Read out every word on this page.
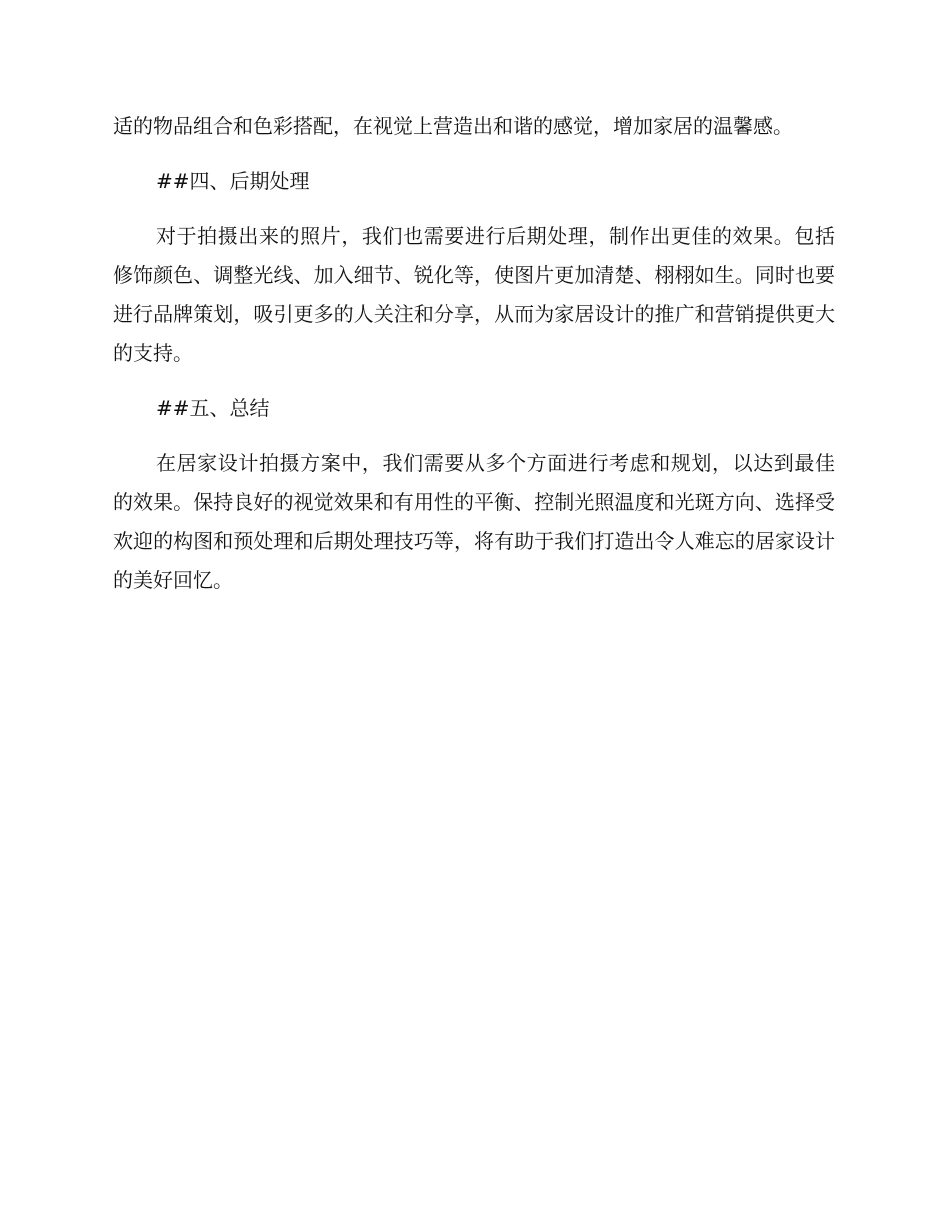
适的物品组合和色彩搭配，在视觉上营造出和谐的感觉，增加家居的温馨感。

##四、后期处理

对于拍摄出来的照片，我们也需要进行后期处理，制作出更佳的效果。包括修饰颜色、调整光线、加入细节、锐化等，使图片更加清楚、栩栩如生。同时也要进行品牌策划，吸引更多的人关注和分享，从而为家居设计的推广和营销提供更大的支持。

##五、总结

在居家设计拍摄方案中，我们需要从多个方面进行考虑和规划，以达到最佳的效果。保持良好的视觉效果和有用性的平衡、控制光照温度和光斑方向、选择受欢迎的构图和预处理和后期处理技巧等，将有助于我们打造出令人难忘的居家设计的美好回忆。
